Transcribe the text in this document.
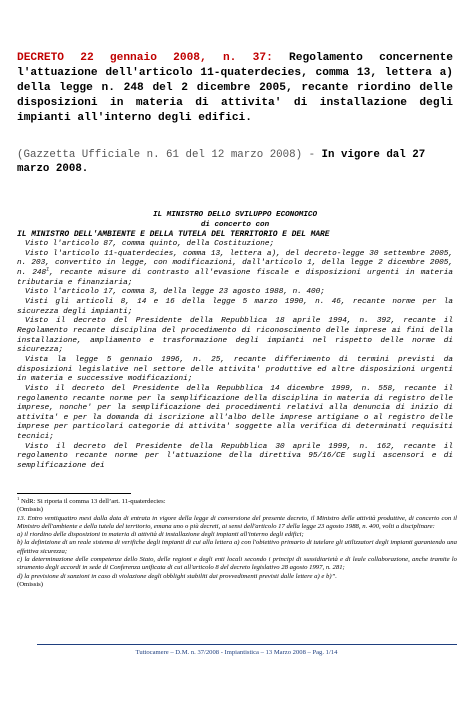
DECRETO 22 gennaio 2008, n. 37: Regolamento concernente l'attuazione dell'articolo 11-quaterdecies, comma 13, lettera a) della legge n. 248 del 2 dicembre 2005, recante riordino delle disposizioni in materia di attivita' di installazione degli impianti all'interno degli edifici.
(Gazzetta Ufficiale n. 61 del 12 marzo 2008) - In vigore dal 27 marzo 2008.
IL MINISTRO DELLO SVILUPPO ECONOMICO
di concerto con
IL MINISTRO DELL'AMBIENTE E DELLA TUTELA DEL TERRITORIO E DEL MARE

Visto l'articolo 87, comma quinto, della Costituzione;

Visto l'articolo 11-quaterdecies, comma 13, lettera a), del decreto-legge 30 settembre 2005, n. 203, convertito in legge, con modificazioni, dall'articolo 1, della legge 2 dicembre 2005, n. $248^1$, recante misure di contrasto all'evasione fiscale e disposizioni urgenti in materia tributaria e finanziaria;

Visto l'articolo 17, comma 3, della legge 23 agosto 1988, n. 400;

Visti gli articoli 8, 14 e 16 della legge 5 marzo 1990, n. 46, recante norme per la sicurezza degli impianti;

Visto il decreto del Presidente della Repubblica 18 aprile 1994, n. 392, recante il Regolamento recante disciplina del procedimento di riconoscimento delle imprese ai fini della installazione, ampliamento e trasformazione degli impianti nel rispetto delle norme di sicurezza;

Vista la legge 5 gennaio 1996, n. 25, recante differimento di termini previsti da disposizioni legislative nel settore delle attivita' produttive ed altre disposizioni urgenti in materia e successive modificazioni;

Visto il decreto del Presidente della Repubblica 14 dicembre 1999, n. 558, recante il regolamento recante norme per la semplificazione della disciplina in materia di registro delle imprese, nonche' per la semplificazione dei procedimenti relativi alla denuncia di inizio di attivita' e per la domanda di iscrizione all'albo delle imprese artigiane o al registro delle imprese per particolari categorie di attivita' soggette alla verifica di determinati requisiti tecnici;

Visto il decreto del Presidente della Repubblica 30 aprile 1999, n. 162, recante il regolamento recante norme per l'attuazione della direttiva 95/16/CE sugli ascensori e di semplificazione dei

$^1$ NdR: Si riporta il comma 13 dell’art. 11-quaterdecies:

(Omissis)

13. Entro ventiquattro mesi dalla data di entrata in vigore della legge di conversione del presente decreto, il Ministro delle attività produttive, di concerto con il Ministro dell'ambiente e della tutela del territorio, emana uno o più decreti, ai sensi dell'articolo 17 della legge 23 agosto 1988, n. 400, volti a disciplinare:

a) il riordino delle disposizioni in materia di attività di installazione degli impianti all'interno degli edifici;

b) la definizione di un reale sistema di verifiche degli impianti di cui alla lettera a) con l'obiettivo primario di tutelare gli utilizzatori degli impianti garantendo una effettiva sicurezza;

c) la determinazione delle competenze dello Stato, delle regioni e degli enti locali secondo i principi di sussidiarietà e di leale collaborazione, anche tramite lo strumento degli accordi in sede di Conferenza unificata di cui all'articolo 8 del decreto legislativo 28 agosto 1997, n. 281;

d) la previsione di sanzioni in caso di violazione degli obblighi stabiliti dai provvedimenti previsti dalle lettere a) e b)”.

(Omissis)

Tuttocamere – D.M. n. 37/2008 - Impiantistica – 13 Marzo 2008 – Pag. 1/14
